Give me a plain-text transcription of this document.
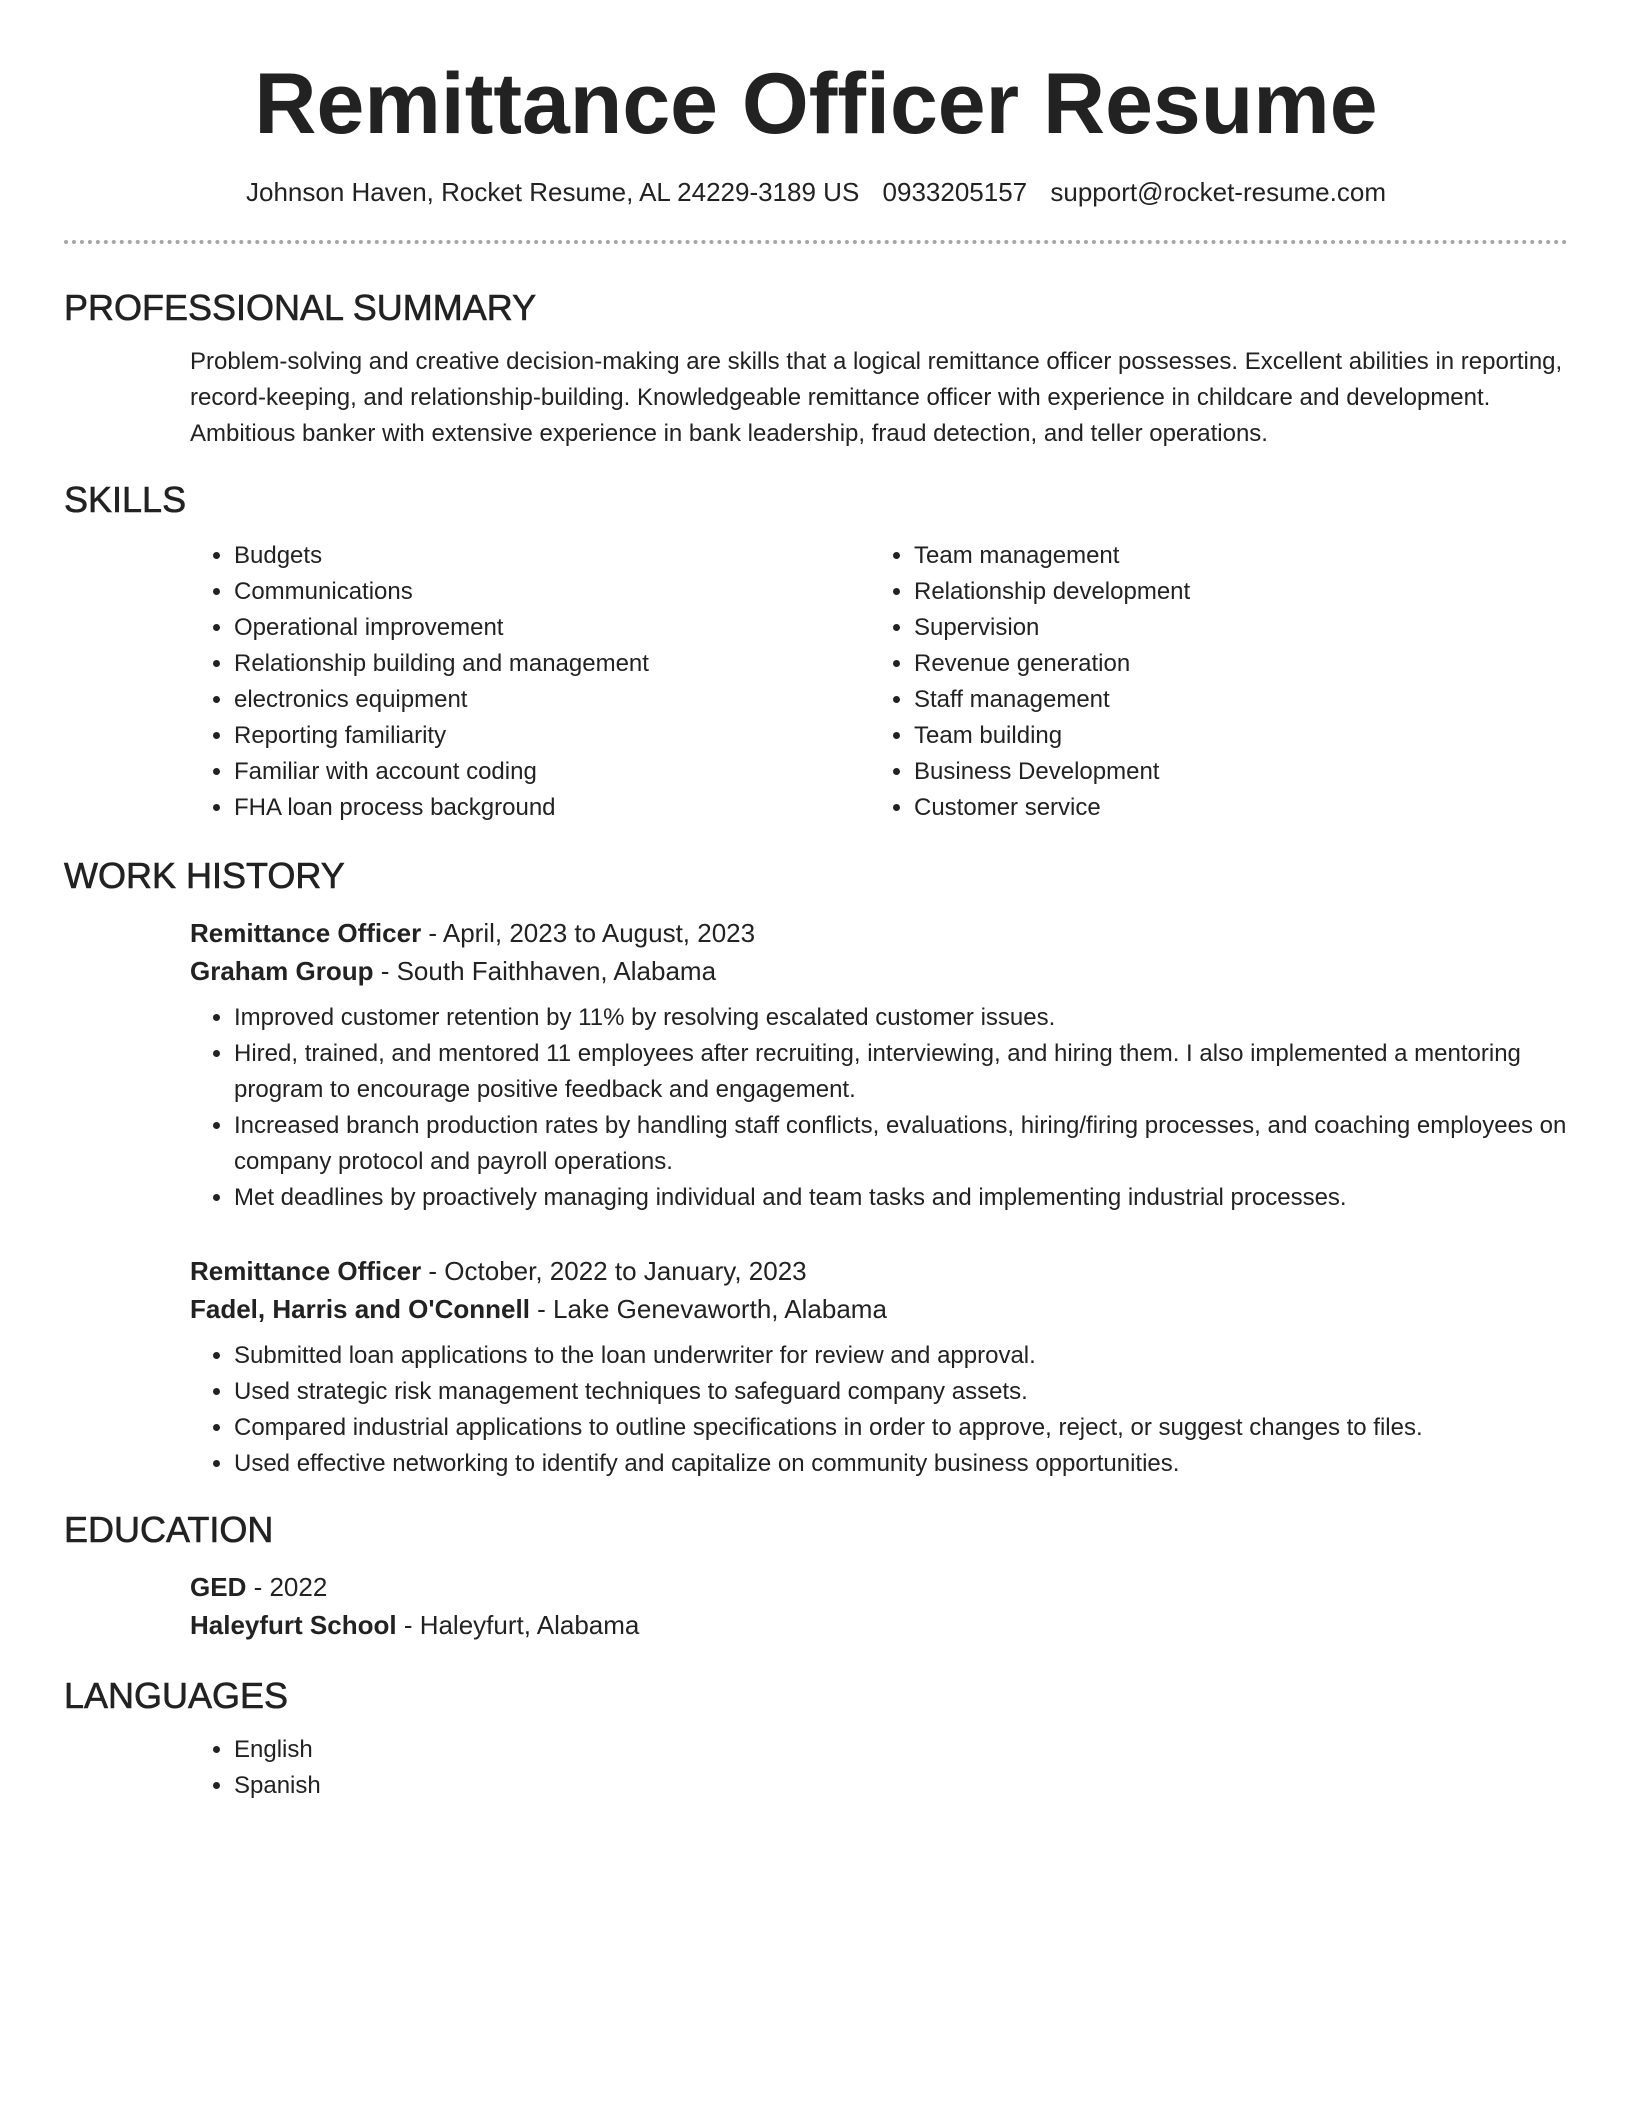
Remittance Officer Resume
Johnson Haven, Rocket Resume, AL 24229-3189 US 0933205157 support@rocket-resume.com
PROFESSIONAL SUMMARY

Problem-solving and creative decision-making are skills that a logical remittance officer possesses. Excellent abilities in reporting, record-keeping, and relationship-building. Knowledgeable remittance officer with experience in childcare and development. Ambitious banker with extensive experience in bank leadership, fraud detection, and teller operations.

SKILLS
• Budgets
• Communications
• Operational improvement
• Relationship building and management
• electronics equipment
• Reporting familiarity
• Familiar with account coding
• FHA loan process background
• Team management
• Relationship development
• Supervision
• Revenue generation
• Staff management
• Team building
• Business Development
• Customer service
WORK HISTORY
Remittance Officer - April, 2023 to August, 2023
Graham Group - South Faithhaven, Alabama
• Improved customer retention by 11% by resolving escalated customer issues.
• Hired, trained, and mentored 11 employees after recruiting, interviewing, and hiring them. I also implemented a mentoring program to encourage positive feedback and engagement.
• Increased branch production rates by handling staff conflicts, evaluations, hiring/firing processes, and coaching employees on company protocol and payroll operations.
• Met deadlines by proactively managing individual and team tasks and implementing industrial processes.
Remittance Officer - October, 2022 to January, 2023
Fadel, Harris and O'Connell - Lake Genevaworth, Alabama
• Submitted loan applications to the loan underwriter for review and approval.
• Used strategic risk management techniques to safeguard company assets.
• Compared industrial applications to outline specifications in order to approve, reject, or suggest changes to files.
• Used effective networking to identify and capitalize on community business opportunities.
EDUCATION
GED - 2022
Haleyfurt School - Haleyfurt, Alabama
LANGUAGES
• English
• Spanish
